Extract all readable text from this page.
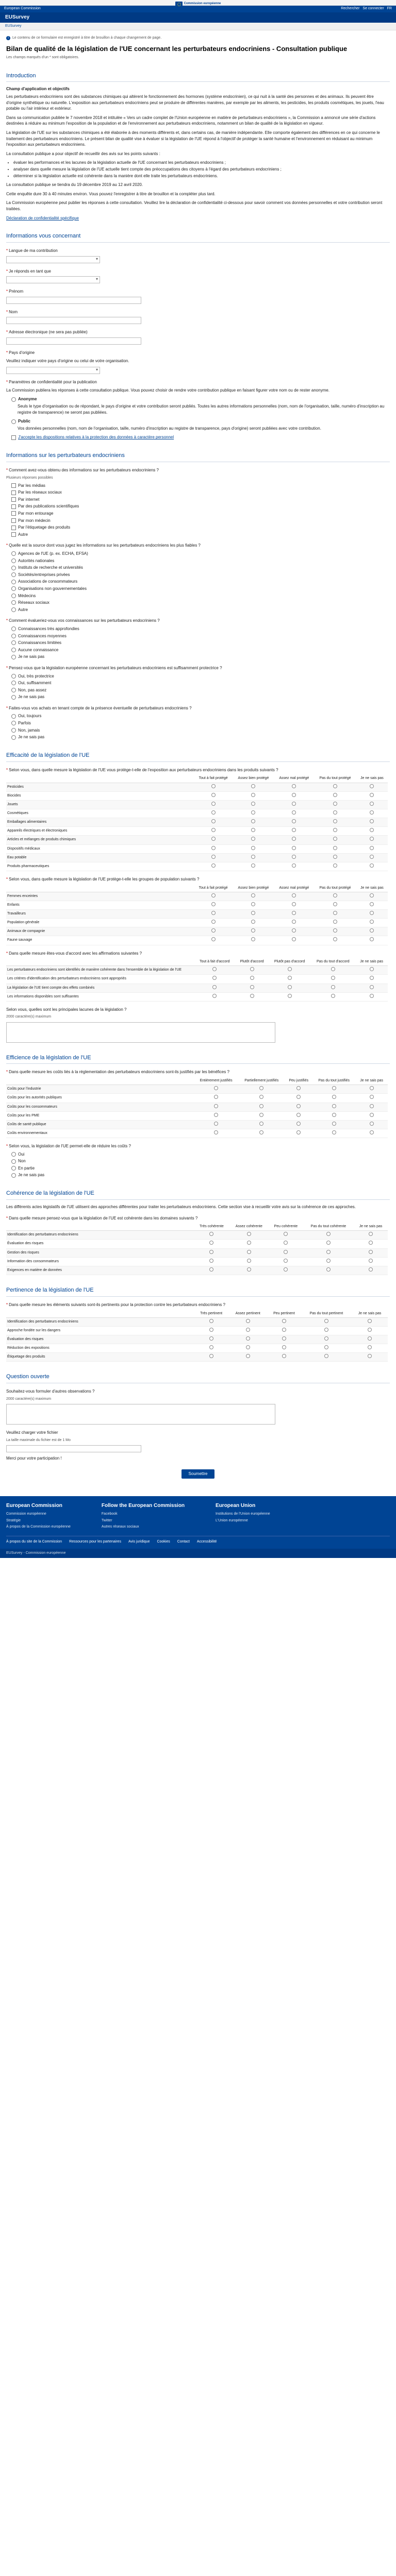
Commission européenne
European Commission	Rechercher Se connecter FR
EUSurvey
EUSurvey
i	Le contenu de ce formulaire est enregistré à titre de brouillon à chaque changement de page.
Bilan de qualité de la législation de l'UE concernant les perturbateurs endocriniens - Consultation publique
Les champs marqués d'un * sont obligatoires.
Introduction
Champ d'application et objectifs

Les perturbateurs endocriniens sont des substances chimiques qui altèrent le fonctionnement des hormones (système endocrinien), ce qui nuit à la santé des personnes et des animaux. Ils peuvent être d'origine synthétique ou naturelle. L'exposition aux perturbateurs endocriniens peut se produire de différentes manières, par exemple par les aliments, les pesticides, les produits cosmétiques, les jouets, l'eau potable ou l'air intérieur et extérieur.

Dans sa communication publiée le 7 novembre 2018 et intitulée « Vers un cadre complet de l'Union européenne en matière de perturbateurs endocriniens », la Commission a annoncé une série d'actions destinées à réduire au minimum l'exposition de la population et de l'environnement aux perturbateurs endocriniens, notamment un bilan de qualité de la législation en vigueur.

La législation de l'UE sur les substances chimiques a été élaborée à des moments différents et, dans certains cas, de manière indépendante. Elle comporte également des différences en ce qui concerne le traitement des perturbateurs endocriniens. Le présent bilan de qualité vise à évaluer si la législation de l'UE répond à l'objectif de protéger la santé humaine et l'environnement en réduisant au minimum l'exposition aux perturbateurs endocriniens.

La consultation publique a pour objectif de recueillir des avis sur les points suivants :

• évaluer les performances et les lacunes de la législation actuelle de l'UE concernant les perturbateurs endocriniens ;
• analyser dans quelle mesure la législation de l'UE actuelle tient compte des préoccupations des citoyens à l'égard des perturbateurs endocriniens ;
• déterminer si la législation actuelle est cohérente dans la manière dont elle traite les perturbateurs endocriniens.

La consultation publique se tiendra du 19 décembre 2019 au 12 avril 2020.

Cette enquête dure 30 à 40 minutes environ. Vous pouvez l'enregistrer à titre de brouillon et la compléter plus tard.

La Commission européenne peut publier les réponses à cette consultation. Veuillez lire la déclaration de confidentialité ci-dessous pour savoir comment vos données personnelles et votre contribution seront traitées.

Déclaration de confidentialité spécifique

Informations vous concernant
* Langue de ma contribution
▾
* Je réponds en tant que
▾
* Prénom
* Nom
* Adresse électronique (ne sera pas publiée)
* Pays d'origine

Veuillez indiquer votre pays d'origine ou celui de votre organisation.

▾
* Paramètres de confidentialité pour la publication

La Commission publiera les réponses à cette consultation publique. Vous pouvez choisir de rendre votre contribution publique en faisant figurer votre nom ou de rester anonyme.

Anonyme

Seuls le type d'organisation ou de répondant, le pays d'origine et votre contribution seront publiés. Toutes les autres informations personnelles (nom, nom de l'organisation, taille, numéro d'inscription au registre de transparence) ne seront pas publiées.

Public

Vos données personnelles (nom, nom de l'organisation, taille, numéro d'inscription au registre de transparence, pays d'origine) seront publiées avec votre contribution.

J'accepte les dispositions relatives à la protection des données à caractère personnel
Informations sur les perturbateurs endocriniens
* Comment avez-vous obtenu des informations sur les perturbateurs endocriniens ?
Plusieurs réponses possibles
Par les médias
Par les réseaux sociaux
Par internet
Par des publications scientifiques
Par mon entourage
Par mon médecin
Par l'étiquetage des produits
Autre
* Quelle est la source dont vous jugez les informations sur les perturbateurs endocriniens les plus fiables ?
Agences de l'UE (p. ex. ECHA, EFSA)
Autorités nationales
Instituts de recherche et universités
Sociétés/entreprises privées
Associations de consommateurs
Organisations non gouvernementales
Médecins
Réseaux sociaux
Autre
* Comment évalueriez-vous vos connaissances sur les perturbateurs endocriniens ?
Connaissances très approfondies
Connaissances moyennes
Connaissances limitées
Aucune connaissance
Je ne sais pas
* Pensez-vous que la législation européenne concernant les perturbateurs endocriniens est suffisamment protectrice ?
Oui, très protectrice
Oui, suffisamment
Non, pas assez
Je ne sais pas
* Faites-vous vos achats en tenant compte de la présence éventuelle de perturbateurs endocriniens ?
Oui, toujours
Parfois
Non, jamais
Je ne sais pas
Efficacité de la législation de l'UE
* Selon vous, dans quelle mesure la législation de l'UE vous protège-t-elle de l'exposition aux perturbateurs endocriniens dans les produits suivants ?
	Tout à fait protégé	Assez bien protégé	Assez mal protégé	Pas du tout protégé	Je ne sais pas
Pesticides					
Biocides					
Jouets					
Cosmétiques					
Emballages alimentaires					
Appareils électriques et électroniques					
Articles et mélanges de produits chimiques					
Dispositifs médicaux					
Eau potable					
Produits pharmaceutiques					
* Selon vous, dans quelle mesure la législation de l'UE protège-t-elle les groupes de population suivants ?
	Tout à fait protégé	Assez bien protégé	Assez mal protégé	Pas du tout protégé	Je ne sais pas
Femmes enceintes					
Enfants					
Travailleurs					
Population générale					
Animaux de compagnie					
Faune sauvage					
* Dans quelle mesure êtes-vous d'accord avec les affirmations suivantes ?
	Tout à fait d'accord	Plutôt d'accord	Plutôt pas d'accord	Pas du tout d'accord	Je ne sais pas
Les perturbateurs endocriniens sont identifiés de manière cohérente dans l'ensemble de la législation de l'UE					
Les critères d'identification des perturbateurs endocriniens sont appropriés					
La législation de l'UE tient compte des effets combinés					
Les informations disponibles sont suffisantes					
Selon vous, quelles sont les principales lacunes de la législation ?
2000 caractère(s) maximum
Efficience de la législation de l'UE
* Dans quelle mesure les coûts liés à la réglementation des perturbateurs endocriniens sont-ils justifiés par les bénéfices ?
	Entièrement justifiés	Partiellement justifiés	Peu justifiés	Pas du tout justifiés	Je ne sais pas
Coûts pour l'industrie					
Coûts pour les autorités publiques					
Coûts pour les consommateurs					
Coûts pour les PME					
Coûts de santé publique					
Coûts environnementaux					
* Selon vous, la législation de l'UE permet-elle de réduire les coûts ?
Oui
Non
En partie
Je ne sais pas
Cohérence de la législation de l'UE

Les différents actes législatifs de l'UE utilisent des approches différentes pour traiter les perturbateurs endocriniens. Cette section vise à recueillir votre avis sur la cohérence de ces approches.

* Dans quelle mesure pensez-vous que la législation de l'UE est cohérente dans les domaines suivants ?
	Très cohérente	Assez cohérente	Peu cohérente	Pas du tout cohérente	Je ne sais pas
Identification des perturbateurs endocriniens					
Évaluation des risques					
Gestion des risques					
Information des consommateurs					
Exigences en matière de données					
Pertinence de la législation de l'UE
* Dans quelle mesure les éléments suivants sont-ils pertinents pour la protection contre les perturbateurs endocriniens ?
	Très pertinent	Assez pertinent	Peu pertinent	Pas du tout pertinent	Je ne sais pas
Identification des perturbateurs endocriniens					
Approche fondée sur les dangers					
Évaluation des risques					
Réduction des expositions					
Étiquetage des produits					
Question ouverte
Souhaitez-vous formuler d'autres observations ?
2000 caractère(s) maximum
Veuillez charger votre fichier
La taille maximale du fichier est de 1 Mo

Merci pour votre participation !

Soumettre
European Commission

Commission européenne

Stratégie

À propos de la Commission européenne

Follow the European Commission

Facebook

Twitter

Autres réseaux sociaux

European Union

Institutions de l'Union européenne

L'Union européenne

À propos du site de la Commission Ressources pour les partenaires Avis juridique Cookies Contact Accessibilité
EUSurvey - Commission européenne
